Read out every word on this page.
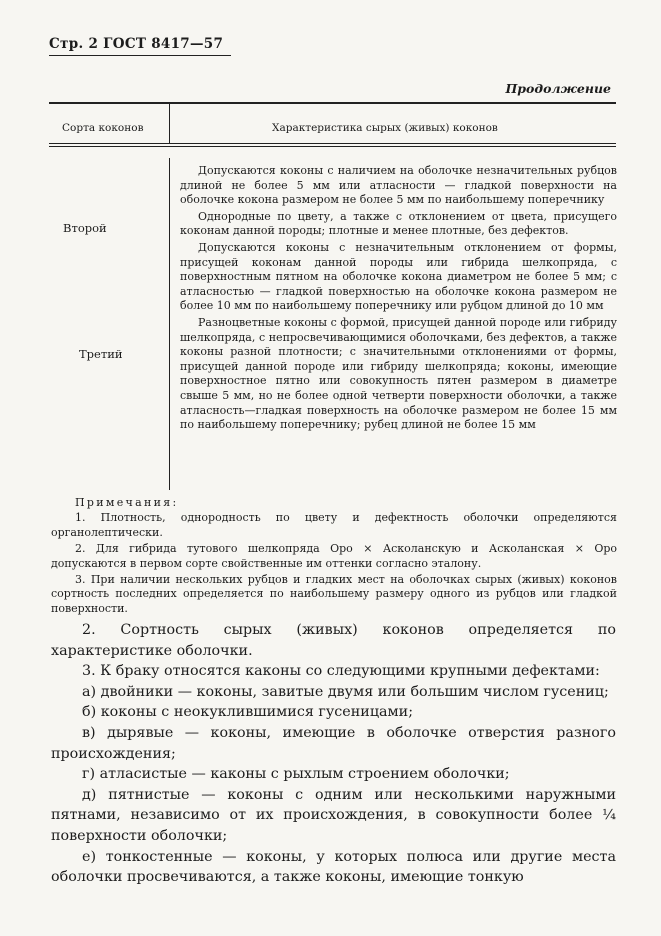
Стр. 2 ГОСТ 8417—57
Продолжение
Сорта коконов	Характеристика сырых (живых) коконов
Второй
Третий

Допускаются коконы с наличием на оболочке незначительных рубцов длиной не более 5 мм или атласности — гладкой поверхности на оболочке кокона размером не более 5 мм по наибольшему поперечнику

Однородные по цвету, а также с отклонением от цвета, присущего коконам данной породы; плотные и менее плотные, без дефектов.

Допускаются коконы с незначительным отклонением от формы, присущей коконам данной породы или гибрида шелкопряда, с поверхностным пятном на оболочке кокона диаметром не более 5 мм; с атласностью — гладкой поверхностью на оболочке кокона размером не более 10 мм по наибольшему поперечнику или рубцом длиной до 10 мм

Разноцветные коконы с формой, присущей данной породе или гибриду шелкопряда, с непросвечивающимися оболочками, без дефектов, а также коконы разной плотности; с значительными отклонениями от формы, присущей данной породе или гибриду шелкопряда; коконы, имеющие поверхностное пятно или совокупность пятен размером в диаметре свыше 5 мм, но не более одной четверти поверхности оболочки, а также атласность—гладкая поверхность на оболочке размером не более 15 мм по наибольшему поперечнику; рубец длиной не более 15 мм

Примечания:

1. Плотность, однородность по цвету и дефектность оболочки определяются органолептически.

2. Для гибрида тутового шелкопряда Оро × Асколанскую и Асколанская × Оро допускаются в первом сорте свойственные им оттенки согласно эталону.

3. При наличии нескольких рубцов и гладких мест на оболочках сырых (живых) коконов сортность последних определяется по наибольшему размеру одного из рубцов или гладкой поверхности.

2. Сортность сырых (живых) коконов определяется по характеристике оболочки.

3. К браку относятся каконы со следующими крупными дефектами:

а) двойники — коконы, завитые двумя или большим числом гусениц;

б) коконы с неокуклившимися гусеницами;

в) дырявые — коконы, имеющие в оболочке отверстия разного происхождения;

г) атласистые — каконы с рыхлым строением оболочки;

д) пятнистые — коконы с одним или несколькими наружными пятнами, независимо от их происхождения, в совокупности более ¼ поверхности оболочки;

е) тонкостенные — коконы, у которых полюса или другие места оболочки просвечиваются, а также коконы, имеющие тонкую
